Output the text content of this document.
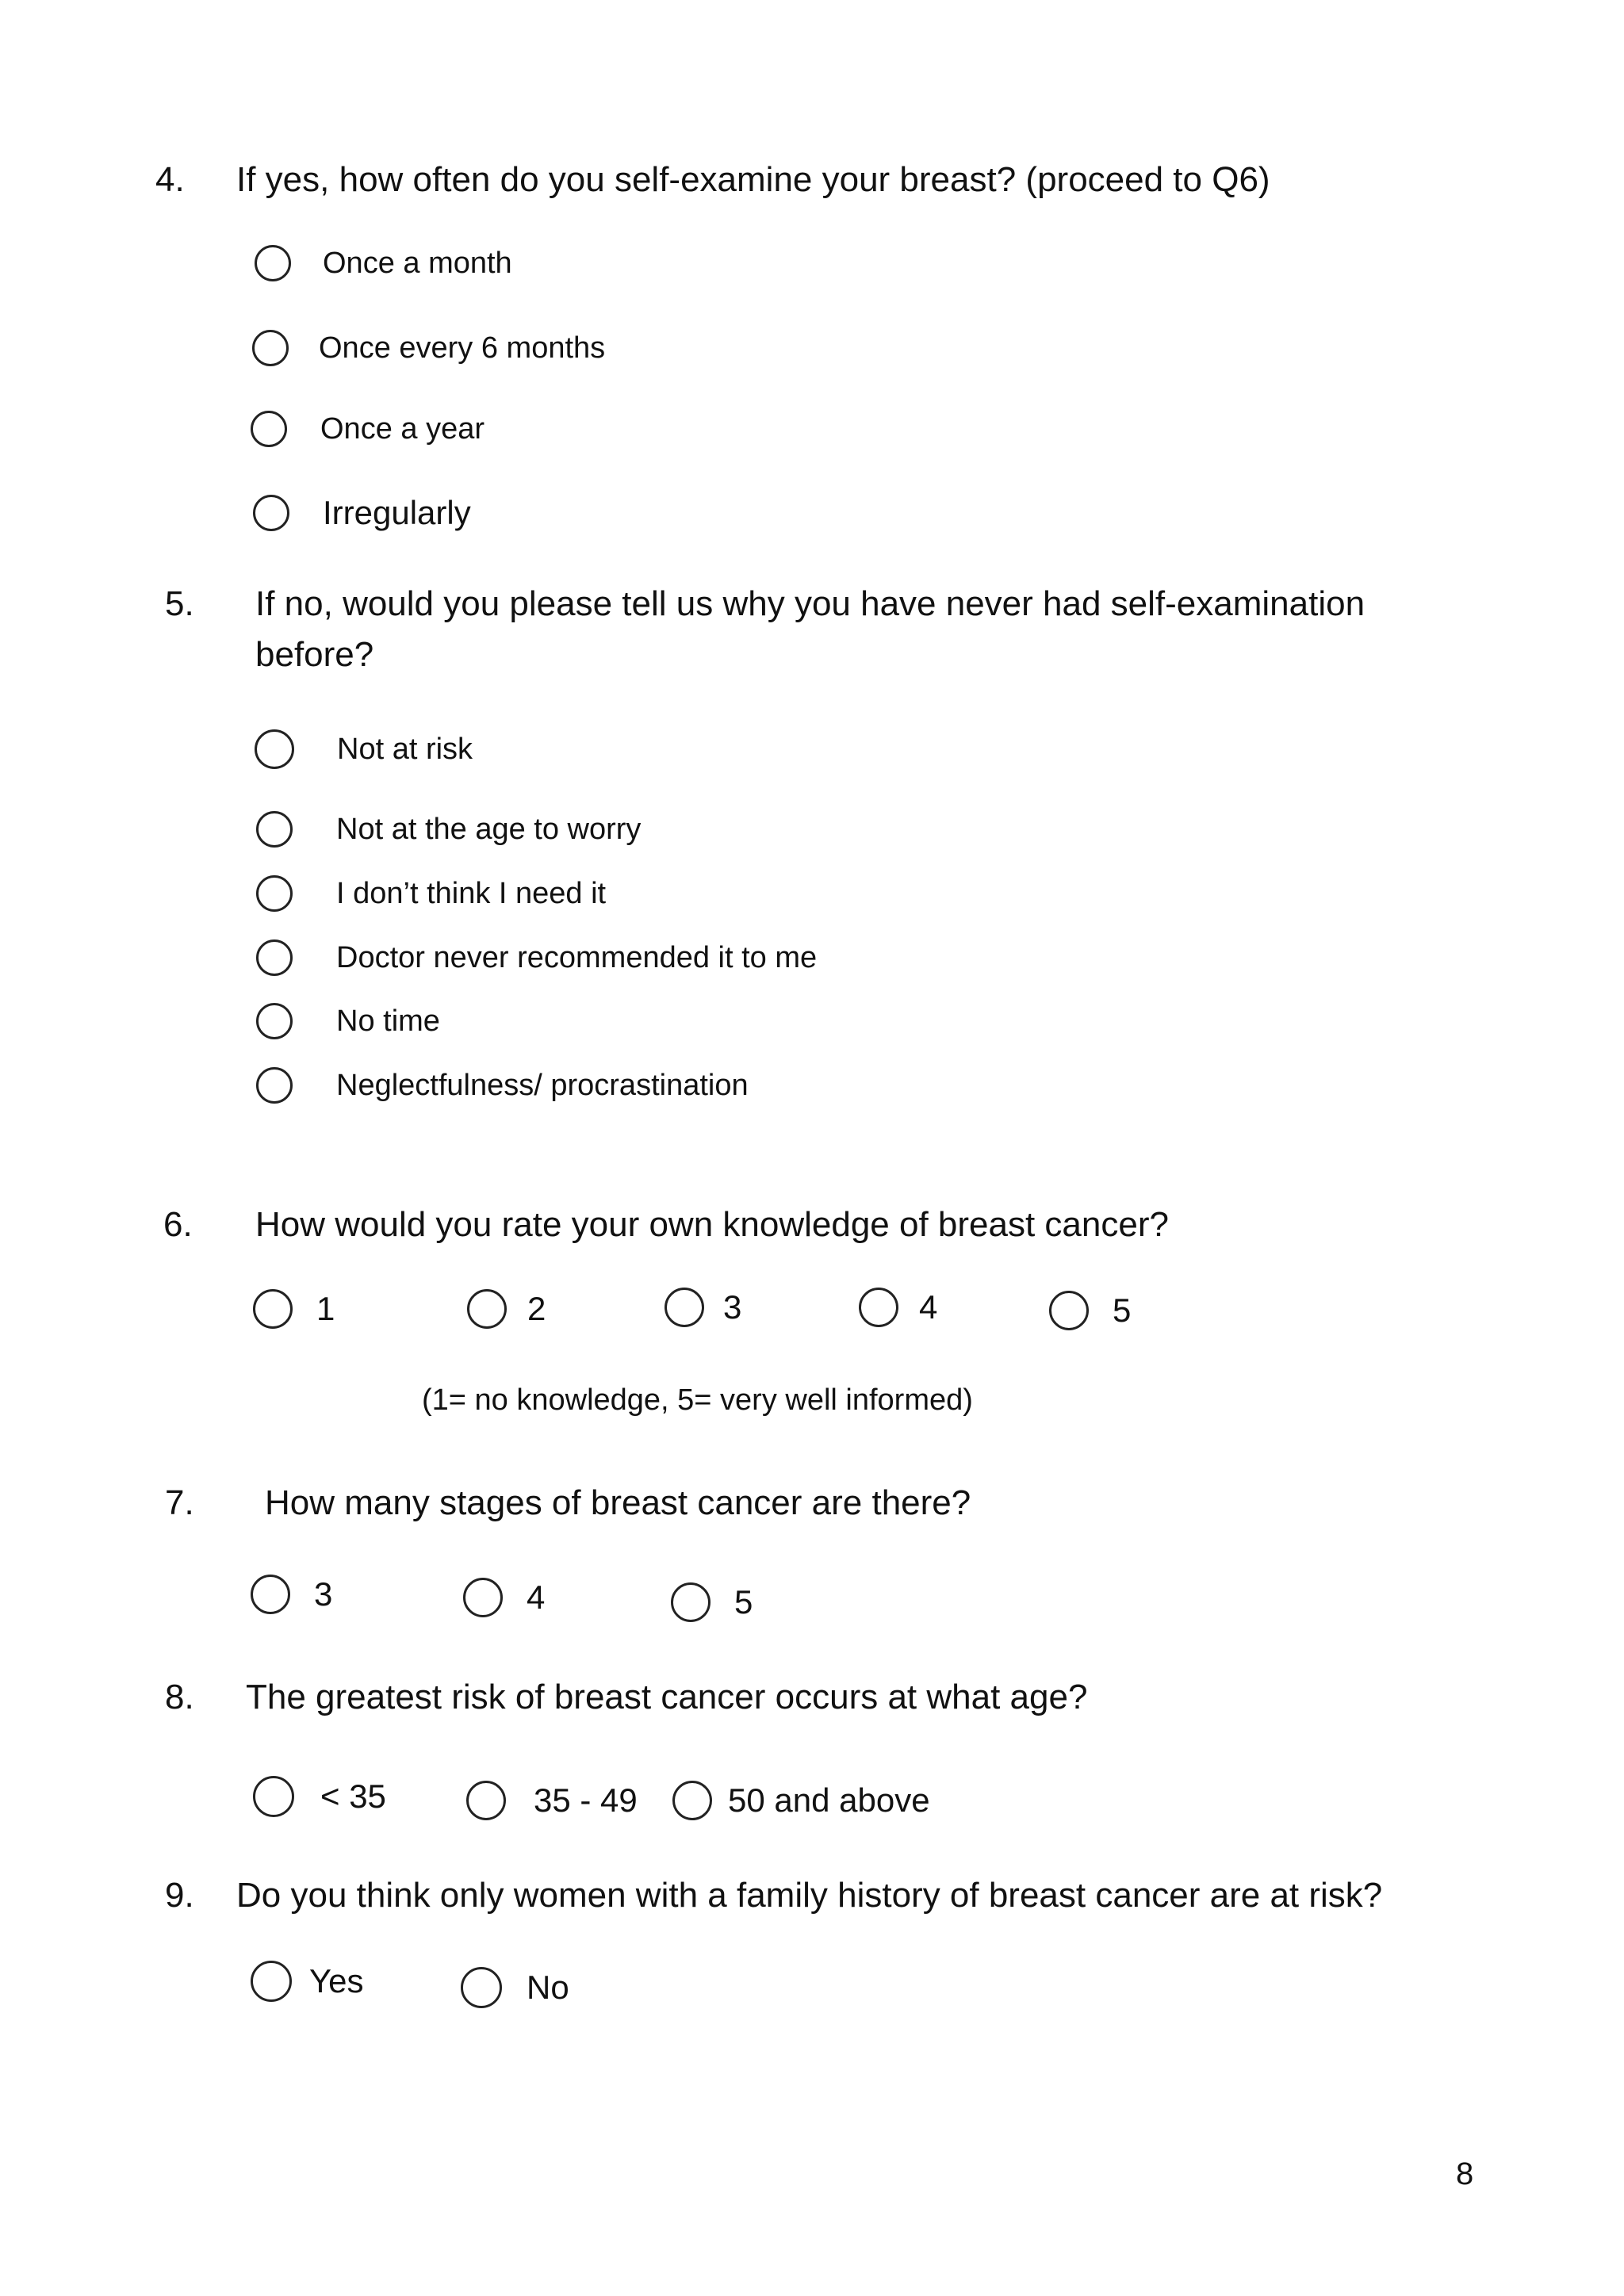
4. If yes, how often do you self-examine your breast? (proceed to Q6)
Once a month
Once every 6 months
Once a year
Irregularly
5. If no, would you please tell us why you have never had self-examination
before?
Not at risk
Not at the age to worry
I don’t think I need it
Doctor never recommended it to me
No time
Neglectfulness/ procrastination
6. How would you rate your own knowledge of breast cancer?
1	2	3	4	5
(1= no knowledge, 5= very well informed)
7. How many stages of breast cancer are there?
3	4	5
8. The greatest risk of breast cancer occurs at what age?
< 35	35 - 49	50 and above
9. Do you think only women with a family history of breast cancer are at risk?
Yes	No
8
